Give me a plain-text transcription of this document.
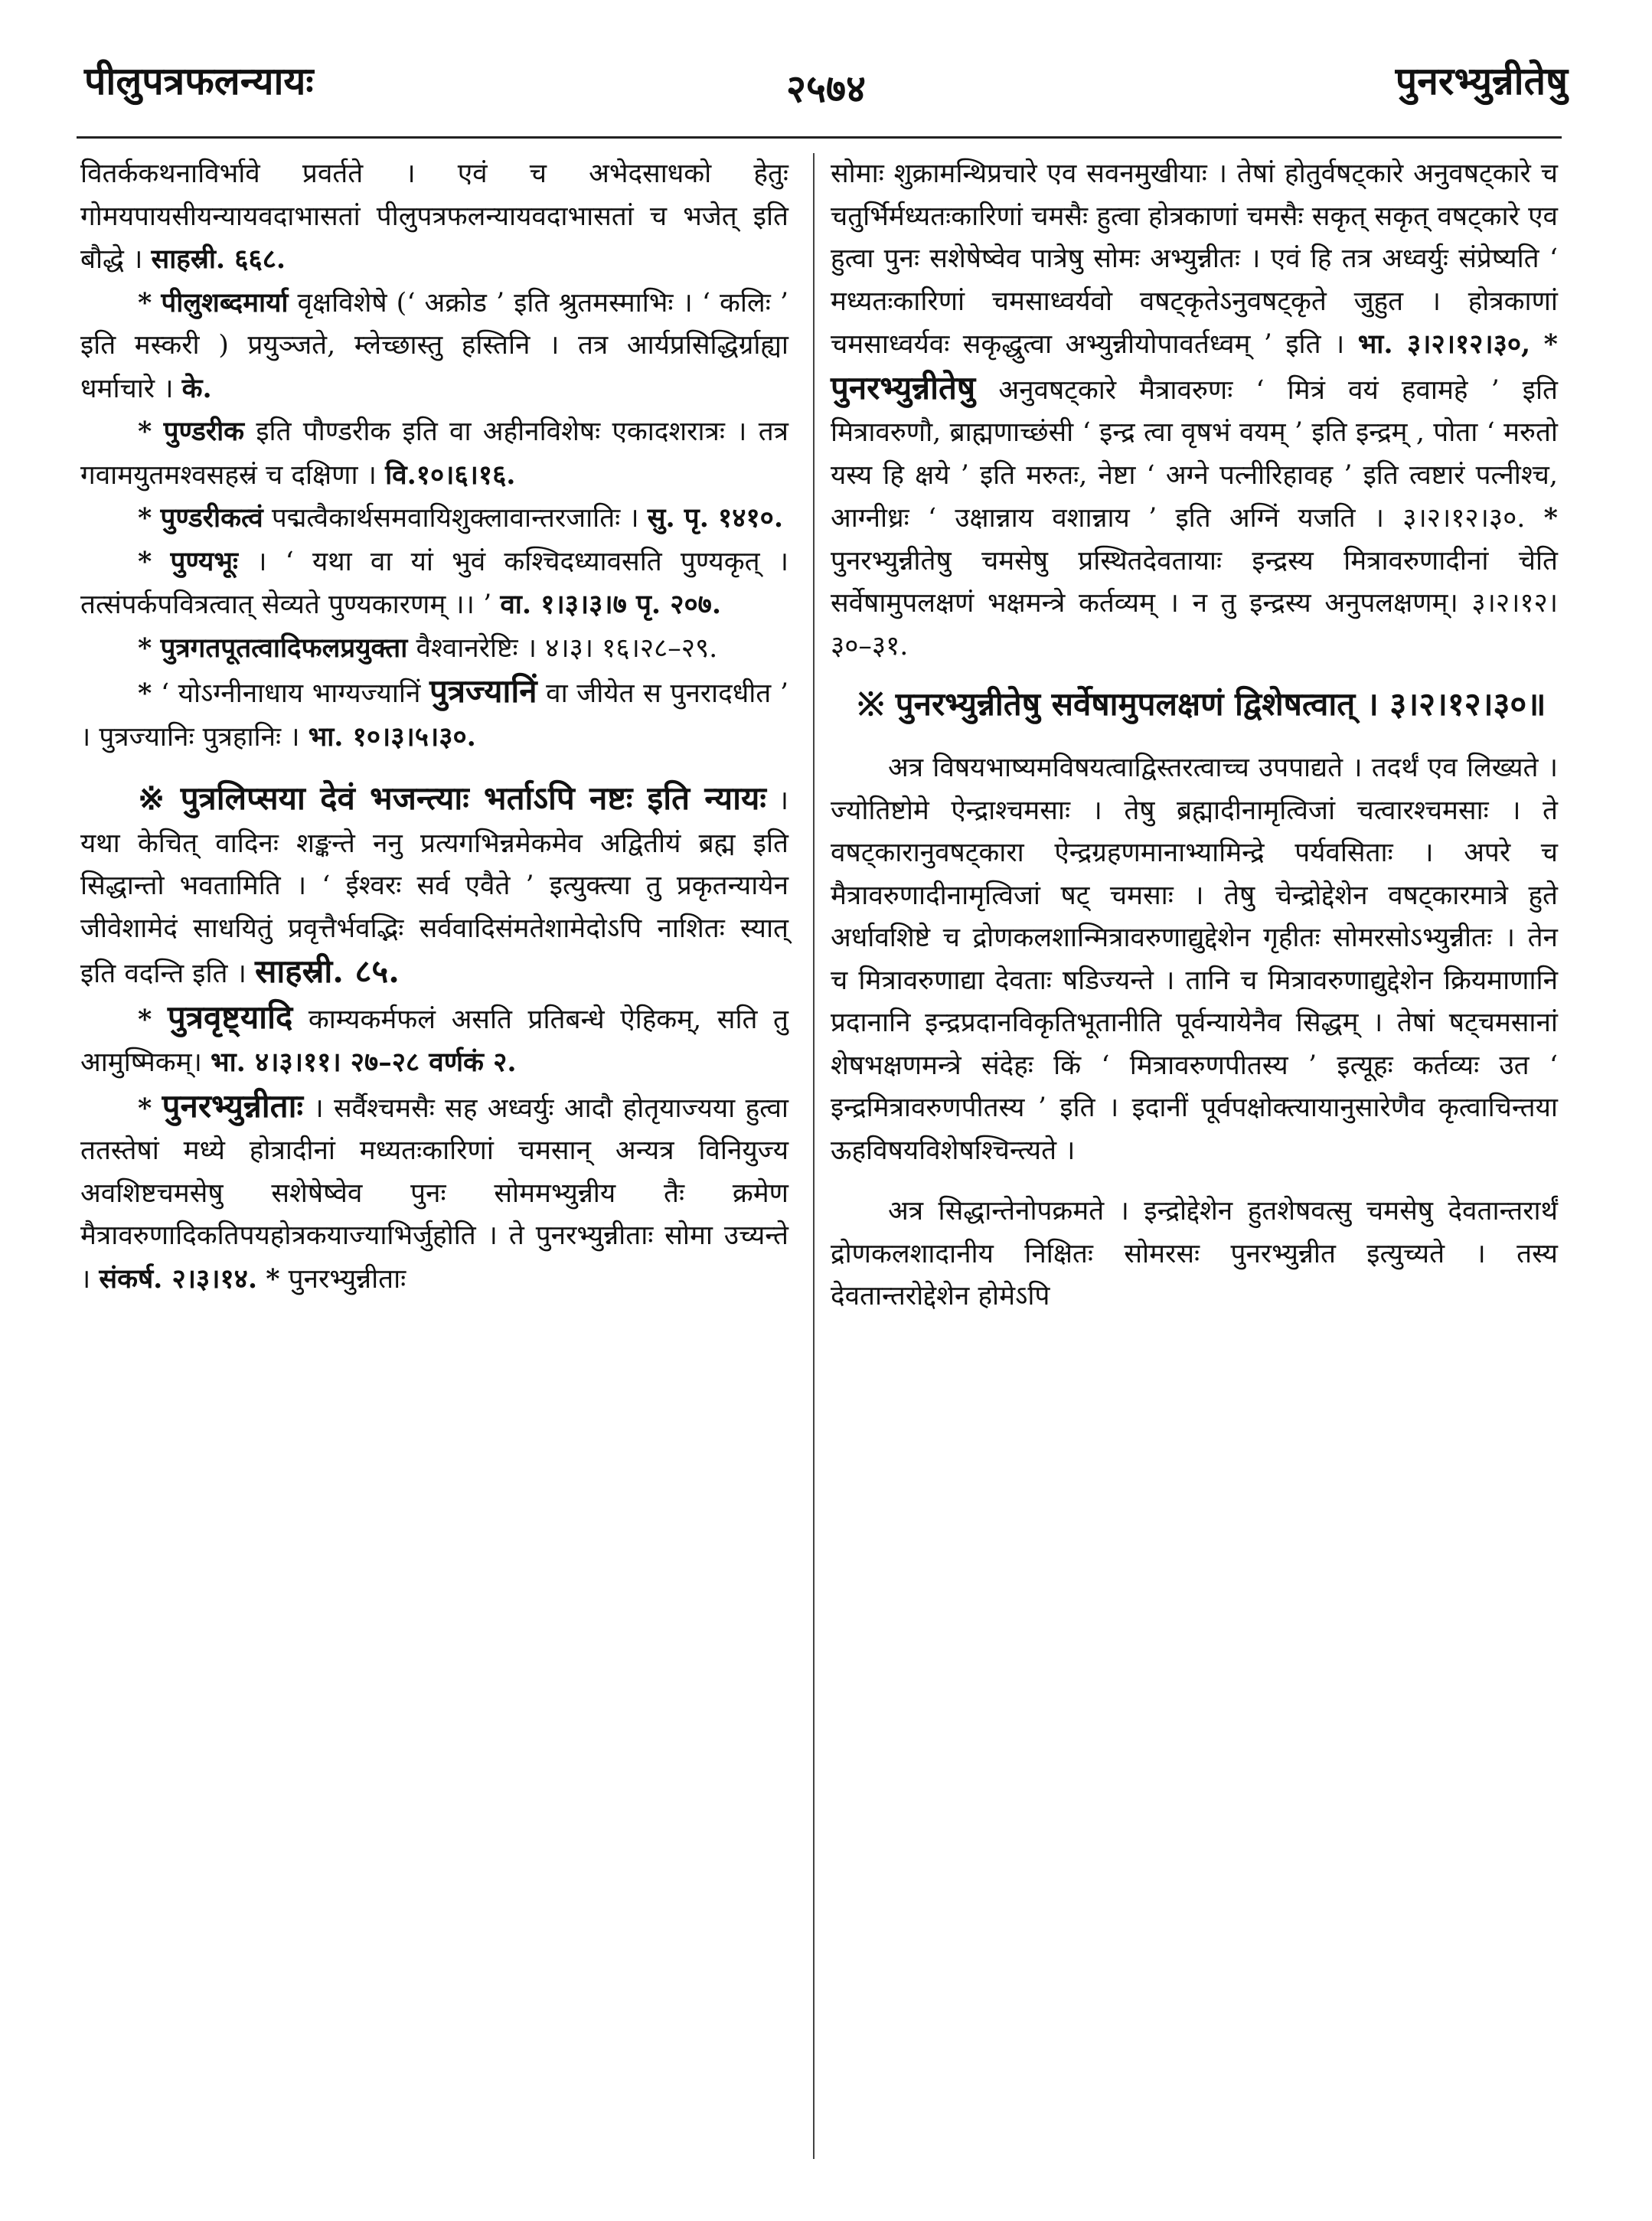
पीलुपत्रफलन्यायः	२५७४	पुनरभ्युन्नीतेषु

वितर्ककथनाविर्भावे प्रवर्तते । एवं च अभेदसाधको हेतुः गोमयपायसीयन्यायवदाभासतां पीलुपत्रफलन्यायवदाभासतां च भजेत् इति बौद्धे । साहस्री. ६६८.

* पीलुशब्दमार्या वृक्षविशेषे (‘ अक्रोड ’ इति श्रुतमस्माभिः । ‘ कलिः ’ इति मस्करी ) प्रयुञ्जते, म्लेच्छास्तु हस्तिनि । तत्र आर्यप्रसिद्धिर्ग्राह्या धर्माचारे । के.

* पुण्डरीक इति पौण्डरीक इति वा अहीनविशेषः एकादशरात्रः । तत्र गवामयुतमश्वसहस्रं च दक्षिणा । वि.१०।६।१६.

* पुण्डरीकत्वं पद्मत्वैकार्थसमवायिशुक्लावान्तरजातिः । सु. पृ. १४१०.

* पुण्यभूः । ‘ यथा वा यां भुवं कश्चिदध्यावसति पुण्यकृत् । तत्संपर्कपवित्रत्वात् सेव्यते पुण्यकारणम् ।। ’ वा. १।३।३।७ पृ. २०७.

* पुत्रगतपूतत्वादिफलप्रयुक्ता वैश्वानरेष्टिः । ४।३। १६।२८–२९.

* ‘ योऽग्नीनाधाय भाग्यज्यानिं पुत्रज्यानिं वा जीयेत स पुनरादधीत ’ । पुत्रज्यानिः पुत्रहानिः । भा. १०।३।५।३०.

※ पुत्रलिप्सया देवं भजन्त्याः भर्ताऽपि नष्टः इति न्यायः । यथा केचित् वादिनः शङ्कन्ते ननु प्रत्यगभिन्नमेकमेव अद्वितीयं ब्रह्म इति सिद्धान्तो भवतामिति । ‘ ईश्वरः सर्व एवैते ’ इत्युक्त्या तु प्रकृतन्यायेन जीवेशामेदं साधयितुं प्रवृत्तैर्भवद्भिः सर्ववादिसंमतेशामेदोऽपि नाशितः स्यात् इति वदन्ति इति । साहस्री. ८५.

* पुत्रवृष्ट्यादि काम्यकर्मफलं असति प्रतिबन्धे ऐहिकम्, सति तु आमुष्मिकम्। भा. ४।३।११। २७–२८ वर्णकं २.

* पुनरभ्युन्नीताः । सर्वैश्चमसैः सह अध्वर्युः आदौ होतृयाज्यया हुत्वा ततस्तेषां मध्ये होत्रादीनां मध्यतःकारिणां चमसान् अन्यत्र विनियुज्य अवशिष्टचमसेषु सशेषेष्वेव पुनः सोममभ्युन्नीय तैः क्रमेण मैत्रावरुणादिकतिपयहोत्रकयाज्याभिर्जुहोति । ते पुनरभ्युन्नीताः सोमा उच्यन्ते । संकर्ष. २।३।१४. * पुनरभ्युन्नीताः

सोमाः शुक्रामन्थिप्रचारे एव सवनमुखीयाः । तेषां होतुर्वषट्कारे अनुवषट्कारे च चतुर्भिर्मध्यतःकारिणां चमसैः हुत्वा होत्रकाणां चमसैः सकृत् सकृत् वषट्कारे एव हुत्वा पुनः सशेषेष्वेव पात्रेषु सोमः अभ्युन्नीतः । एवं हि तत्र अध्वर्युः संप्रेष्यति ‘ मध्यतःकारिणां चमसाध्वर्यवो वषट्कृतेऽनुवषट्कृते जुहुत । होत्रकाणां चमसाध्वर्यवः सकृद्धुत्वा अभ्युन्नीयोपावर्तध्वम् ’ इति । भा. ३।२।१२।३०, * पुनरभ्युन्नीतेषु अनुवषट्कारे मैत्रावरुणः ‘ मित्रं वयं हवामहे ’ इति मित्रावरुणौ, ब्राह्मणाच्छंसी ‘ इन्द्र त्वा वृषभं वयम् ’ इति इन्द्रम् , पोता ‘ मरुतो यस्य हि क्षये ’ इति मरुतः, नेष्टा ‘ अग्ने पत्नीरिहावह ’ इति त्वष्टारं पत्नीश्च, आग्नीध्रः ‘ उक्षान्नाय वशान्नाय ’ इति अग्निं यजति । ३।२।१२।३०. * पुनरभ्युन्नीतेषु चमसेषु प्रस्थितदेवतायाः इन्द्रस्य मित्रावरुणादीनां चेति सर्वेषामुपलक्षणं भक्षमन्त्रे कर्तव्यम् । न तु इन्द्रस्य अनुपलक्षणम्। ३।२।१२।३०–३१.

※ पुनरभ्युन्नीतेषु सर्वेषामुपलक्षणं द्विशेषत्वात् । ३।२।१२।३०॥

अत्र विषयभाष्यमविषयत्वाद्विस्तरत्वाच्च उपपाद्यते । तदर्थं एव लिख्यते । ज्योतिष्टोमे ऐन्द्राश्चमसाः । तेषु ब्रह्मादीनामृत्विजां चत्वारश्चमसाः । ते वषट्कारानुवषट्कारा ऐन्द्रग्रहणमानाभ्यामिन्द्रे पर्यवसिताः । अपरे च मैत्रावरुणादीनामृत्विजां षट् चमसाः । तेषु चेन्द्रोद्देशेन वषट्कारमात्रे हुते अर्धावशिष्टे च द्रोणकलशान्मित्रावरुणाद्युद्देशेन गृहीतः सोमरसोऽभ्युन्नीतः । तेन च मित्रावरुणाद्या देवताः षडिज्यन्ते । तानि च मित्रावरुणाद्युद्देशेन क्रियमाणानि प्रदानानि इन्द्रप्रदानविकृतिभूतानीति पूर्वन्यायेनैव सिद्धम् । तेषां षट्चमसानां शेषभक्षणमन्त्रे संदेहः किं ‘ मित्रावरुणपीतस्य ’ इत्यूहः कर्तव्यः उत ‘ इन्द्रमित्रावरुणपीतस्य ’ इति । इदानीं पूर्वपक्षोक्त्यायानुसारेणैव कृत्वाचिन्तया ऊहविषयविशेषश्चिन्त्यते ।

अत्र सिद्धान्तेनोपक्रमते । इन्द्रोद्देशेन हुतशेषवत्सु चमसेषु देवतान्तरार्थं द्रोणकलशादानीय निक्षितः सोमरसः पुनरभ्युन्नीत इत्युच्यते । तस्य देवतान्तरोद्देशेन होमेऽपि
